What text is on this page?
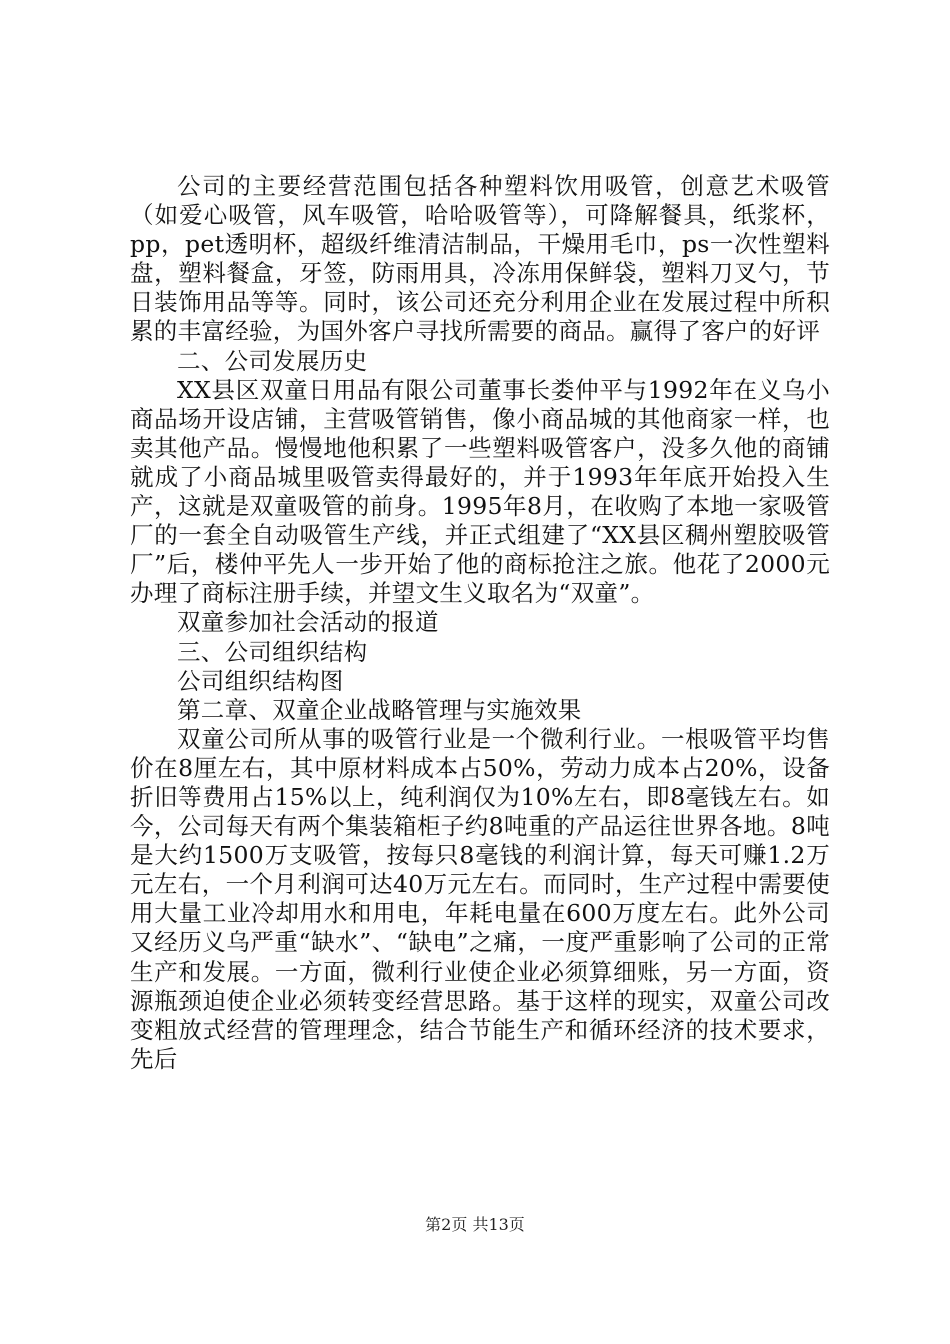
公司的主要经营范围包括各种塑料饮用吸管，创意艺术吸管（如爱心吸管，风车吸管，哈哈吸管等），可降解餐具，纸浆杯，pp，pet透明杯，超级纤维清洁制品，干燥用毛巾，ps一次性塑料盘，塑料餐盒，牙签，防雨用具，冷冻用保鲜袋，塑料刀叉勺，节日装饰用品等等。同时，该公司还充分利用企业在发展过程中所积累的丰富经验，为国外客户寻找所需要的商品。赢得了客户的好评

二、公司发展历史

XX县区双童日用品有限公司董事长娄仲平与1992年在义乌小商品场开设店铺，主营吸管销售，像小商品城的其他商家一样，也卖其他产品。慢慢地他积累了一些塑料吸管客户，没多久他的商铺就成了小商品城里吸管卖得最好的，并于1993年年底开始投入生产，这就是双童吸管的前身。1995年8月，在收购了本地一家吸管厂的一套全自动吸管生产线，并正式组建了“XX县区稠州塑胶吸管厂”后，楼仲平先人一步开始了他的商标抢注之旅。他花了2000元办理了商标注册手续，并望文生义取名为“双童”。

双童参加社会活动的报道

三、公司组织结构

公司组织结构图

第二章、双童企业战略管理与实施效果

双童公司所从事的吸管行业是一个微利行业。一根吸管平均售价在8厘左右，其中原材料成本占50%，劳动力成本占20%，设备折旧等费用占15%以上，纯利润仅为10%左右，即8毫钱左右。如今，公司每天有两个集装箱柜子约8吨重的产品运往世界各地。8吨是大约1500万支吸管，按每只8毫钱的利润计算，每天可赚1.2万元左右，一个月利润可达40万元左右。而同时，生产过程中需要使用大量工业冷却用水和用电，年耗电量在600万度左右。此外公司又经历义乌严重“缺水”、“缺电”之痛，一度严重影响了公司的正常生产和发展。一方面，微利行业使企业必须算细账，另一方面，资源瓶颈迫使企业必须转变经营思路。基于这样的现实，双童公司改变粗放式经营的管理理念，结合节能生产和循环经济的技术要求，先后

第2页 共13页
